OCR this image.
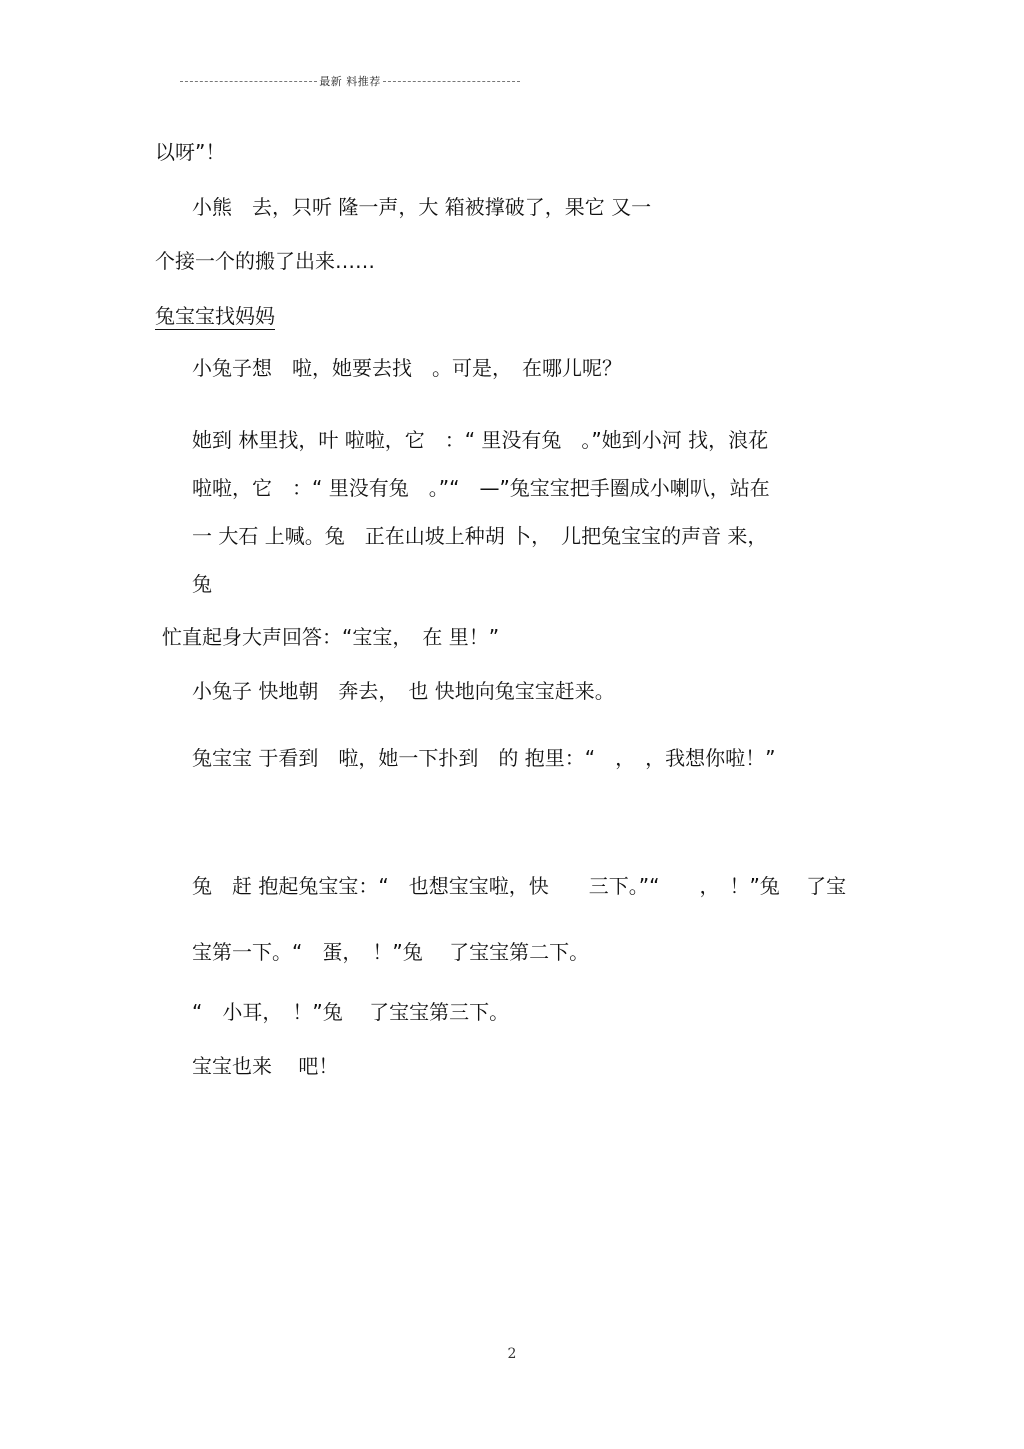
最新 料推荐
以呀”！
小熊　去，只听 隆一声，大 箱被撑破了，果它 又一
个接一个的搬了出来……
兔宝宝找妈妈
小兔子想　啦，她要去找　。可是，　在哪儿呢？
她到 林里找，叶 啦啦，它　：“ 里没有兔　。”她到小河 找，浪花
啦啦，它　：“ 里没有兔　。”“　—”兔宝宝把手圈成小喇叭，站在
一 大石 上喊。兔　正在山坡上种胡 卜，　儿把兔宝宝的声音 来，
兔
忙直起身大声回答：“宝宝，　在 里！”
小兔子 快地朝　奔去，　也 快地向兔宝宝赶来。
兔宝宝 于看到　啦，她一下扑到　的 抱里：“　，　，我想你啦！”
兔　赶 抱起兔宝宝：“　也想宝宝啦，快　　三下。”“　　，　！”兔　 了宝
宝第一下。“　蛋，　！”兔　 了宝宝第二下。
“　小耳，　！”兔　 了宝宝第三下。
宝宝也来　 吧！
2
